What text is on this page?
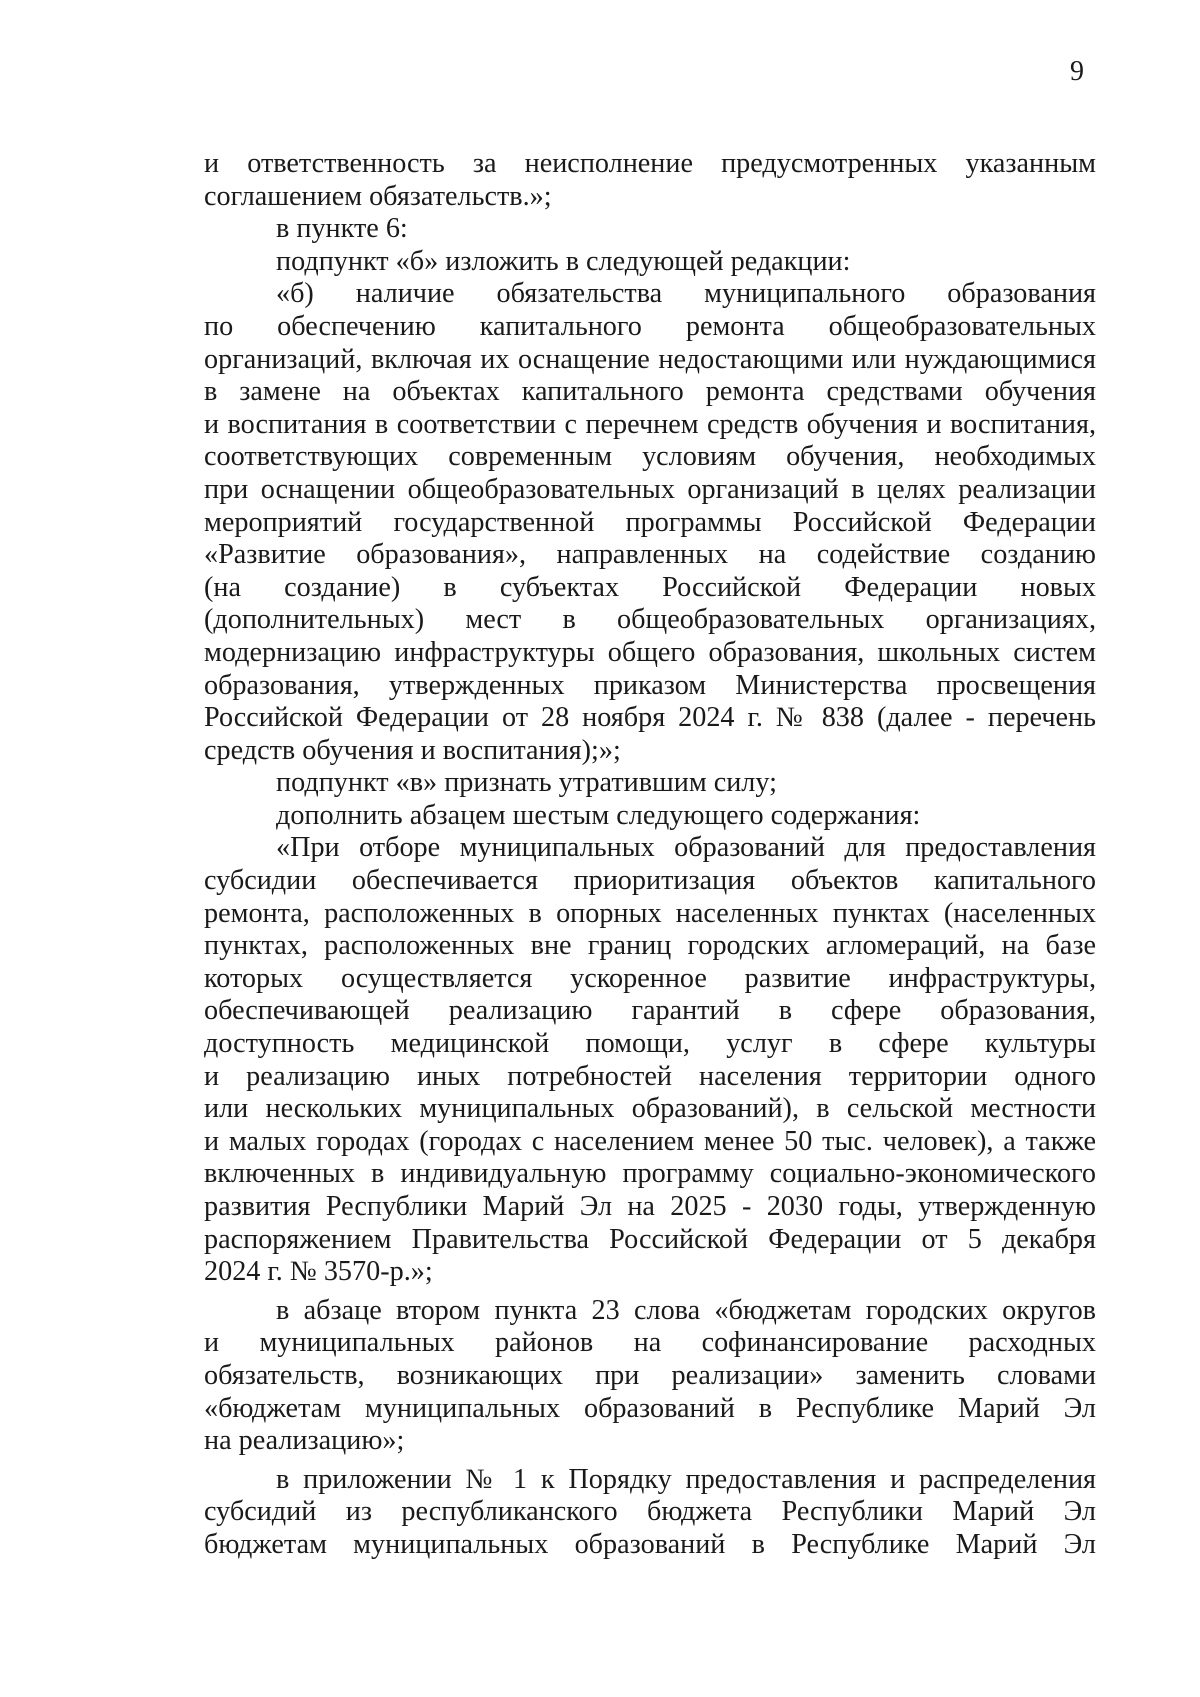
9
и ответственность за неисполнение предусмотренных указанным
соглашением обязательств.»;
в пункте 6:
подпункт «б» изложить в следующей редакции:
«б) наличие обязательства муниципального образования
по обеспечению капитального ремонта общеобразовательных
организаций, включая их оснащение недостающими или нуждающимися
в замене на объектах капитального ремонта средствами обучения
и воспитания в соответствии с перечнем средств обучения и воспитания,
соответствующих современным условиям обучения, необходимых
при оснащении общеобразовательных организаций в целях реализации
мероприятий государственной программы Российской Федерации
«Развитие образования», направленных на содействие созданию
(на создание) в субъектах Российской Федерации новых
(дополнительных) мест в общеобразовательных организациях,
модернизацию инфраструктуры общего образования, школьных систем
образования, утвержденных приказом Министерства просвещения
Российской Федерации от 28 ноября 2024 г. № 838 (далее - перечень
средств обучения и воспитания);»;
подпункт «в» признать утратившим силу;
дополнить абзацем шестым следующего содержания:
«При отборе муниципальных образований для предоставления
субсидии обеспечивается приоритизация объектов капитального
ремонта, расположенных в опорных населенных пунктах (населенных
пунктах, расположенных вне границ городских агломераций, на базе
которых осуществляется ускоренное развитие инфраструктуры,
обеспечивающей реализацию гарантий в сфере образования,
доступность медицинской помощи, услуг в сфере культуры
и реализацию иных потребностей населения территории одного
или нескольких муниципальных образований), в сельской местности
и малых городах (городах с населением менее 50 тыс. человек), а также
включенных в индивидуальную программу социально-экономического
развития Республики Марий Эл на 2025 - 2030 годы, утвержденную
распоряжением Правительства Российской Федерации от 5 декабря
2024 г. № 3570-р.»;
в абзаце втором пункта 23 слова «бюджетам городских округов
и муниципальных районов на софинансирование расходных
обязательств, возникающих при реализации» заменить словами
«бюджетам муниципальных образований в Республике Марий Эл
на реализацию»;
в приложении № 1 к Порядку предоставления и распределения
субсидий из республиканского бюджета Республики Марий Эл
бюджетам муниципальных образований в Республике Марий Эл
